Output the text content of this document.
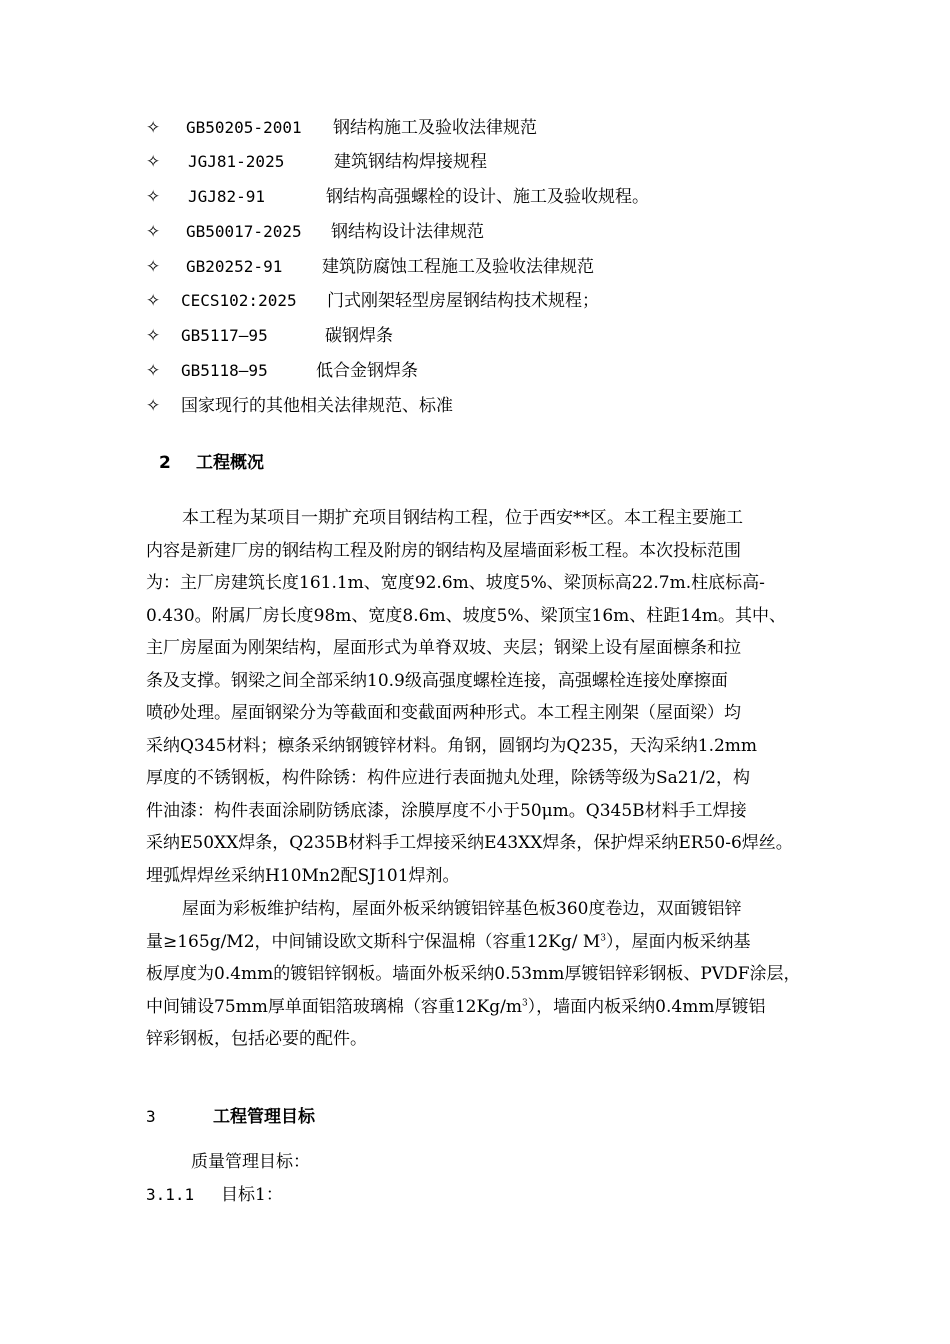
✧ GB50205-2001 钢结构施工及验收法律规范
✧ JGJ81-2025	建筑钢结构焊接规程
✧ JGJ82-91	钢结构高强螺栓的设计、施工及验收规程。
✧ GB50017-2025 钢结构设计法律规范
✧ GB20252-91 建筑防腐蚀工程施工及验收法律规范
✧ CECS102:2025 门式刚架轻型房屋钢结构技术规程；
✧ GB5117—95	碳钢焊条
✧ GB5118—95	低合金钢焊条
✧ 国家现行的其他相关法律规范、标准
2 工程概况
本工程为某项目一期扩充项目钢结构工程，位于西安**区。本工程主要施工
内容是新建厂房的钢结构工程及附房的钢结构及屋墙面彩板工程。本次投标范围
为：主厂房建筑长度161.1m、宽度92.6m、坡度5%、梁顶标高22.7m.柱底标高-
0.430。附属厂房长度98m、宽度8.6m、坡度5%、梁顶宝16m、柱距14m。其中、
主厂房屋面为刚架结构，屋面形式为单脊双坡、夹层；钢梁上设有屋面檩条和拉
条及支撑。钢梁之间全部采纳10.9级高强度螺栓连接，高强螺栓连接处摩擦面
喷砂处理。屋面钢梁分为等截面和变截面两种形式。本工程主刚架（屋面梁）均
采纳Q345材料；檩条采纳钢镀锌材料。角钢，圆钢均为Q235，天沟采纳1.2mm
厚度的不锈钢板，构件除锈：构件应进行表面抛丸处理，除锈等级为Sa21/2，构
件油漆：构件表面涂刷防锈底漆，涂膜厚度不小于50μm。Q345B材料手工焊接
采纳E50XX焊条，Q235B材料手工焊接采纳E43XX焊条，保护焊采纳ER50-6焊丝。
埋弧焊焊丝采纳H10Mn2配SJ101焊剂。
屋面为彩板维护结构，屋面外板采纳镀铝锌基色板360度卷边，双面镀铝锌
量≥165g/M2，中间铺设欧文斯科宁保温棉（容重12Kg/ $M^3$），屋面内板采纳基
板厚度为0.4mm的镀铝锌钢板。墙面外板采纳0.53mm厚镀铝锌彩钢板、PVDF涂层，
中间铺设75mm厚单面铝箔玻璃棉（容重$12Kg/m^3$），墙面内板采纳0.4mm厚镀铝
锌彩钢板，包括必要的配件。
3	工程管理目标
质量管理目标：
3.1.1 目标1：
